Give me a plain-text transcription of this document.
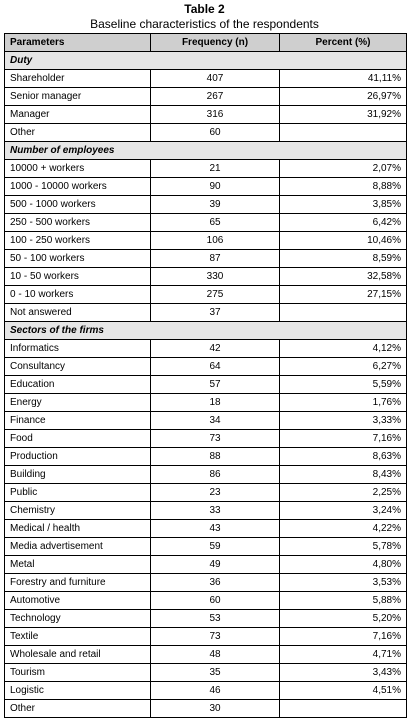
Table 2
Baseline characteristics of the respondents
Parameters	Frequency (n)	Percent (%)
Duty		
Shareholder	407	41,11%
Senior manager	267	26,97%
Manager	316	31,92%
Other	60	
Number of employees		
10000 + workers	21	2,07%
1000 - 10000 workers	90	8,88%
500 - 1000 workers	39	3,85%
250 - 500 workers	65	6,42%
100 - 250 workers	106	10,46%
50 - 100 workers	87	8,59%
10 - 50 workers	330	32,58%
0 - 10 workers	275	27,15%
Not answered	37	
Sectors of the firms		
Informatics	42	4,12%
Consultancy	64	6,27%
Education	57	5,59%
Energy	18	1,76%
Finance	34	3,33%
Food	73	7,16%
Production	88	8,63%
Building	86	8,43%
Public	23	2,25%
Chemistry	33	3,24%
Medical / health	43	4,22%
Media advertisement	59	5,78%
Metal	49	4,80%
Forestry and furniture	36	3,53%
Automotive	60	5,88%
Technology	53	5,20%
Textile	73	7,16%
Wholesale and retail	48	4,71%
Tourism	35	3,43%
Logistic	46	4,51%
Other	30	
